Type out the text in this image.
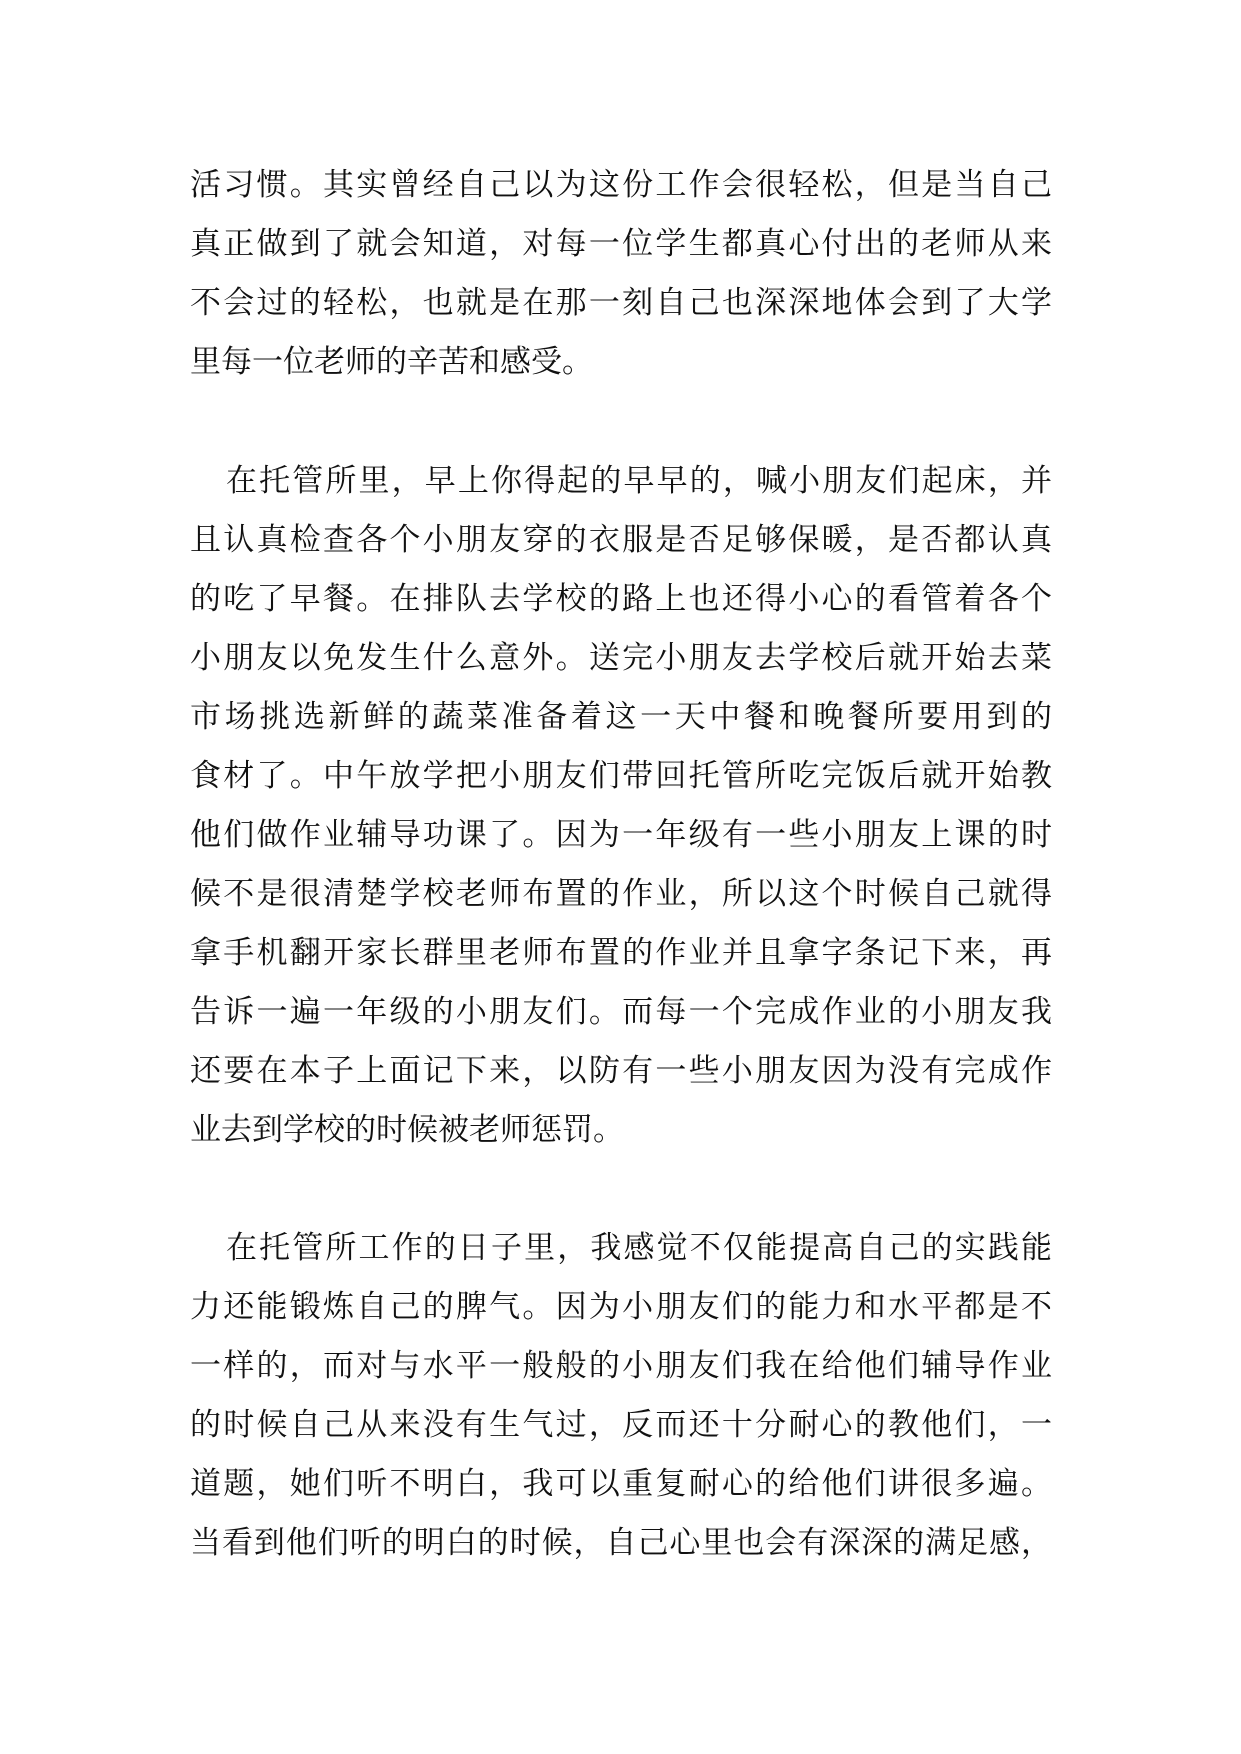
活习惯。其实曾经自己以为这份工作会很轻松，但是当自己
真正做到了就会知道，对每一位学生都真心付出的老师从来
不会过的轻松，也就是在那一刻自己也深深地体会到了大学
里每一位老师的辛苦和感受。
在托管所里，早上你得起的早早的，喊小朋友们起床，并
且认真检查各个小朋友穿的衣服是否足够保暖，是否都认真
的吃了早餐。在排队去学校的路上也还得小心的看管着各个
小朋友以免发生什么意外。送完小朋友去学校后就开始去菜
市场挑选新鲜的蔬菜准备着这一天中餐和晚餐所要用到的
食材了。中午放学把小朋友们带回托管所吃完饭后就开始教
他们做作业辅导功课了。因为一年级有一些小朋友上课的时
候不是很清楚学校老师布置的作业，所以这个时候自己就得
拿手机翻开家长群里老师布置的作业并且拿字条记下来，再
告诉一遍一年级的小朋友们。而每一个完成作业的小朋友我
还要在本子上面记下来，以防有一些小朋友因为没有完成作
业去到学校的时候被老师惩罚。
在托管所工作的日子里，我感觉不仅能提高自己的实践能
力还能锻炼自己的脾气。因为小朋友们的能力和水平都是不
一样的，而对与水平一般般的小朋友们我在给他们辅导作业
的时候自己从来没有生气过，反而还十分耐心的教他们，一
道题，她们听不明白，我可以重复耐心的给他们讲很多遍。
当看到他们听的明白的时候，自己心里也会有深深的满足感，
